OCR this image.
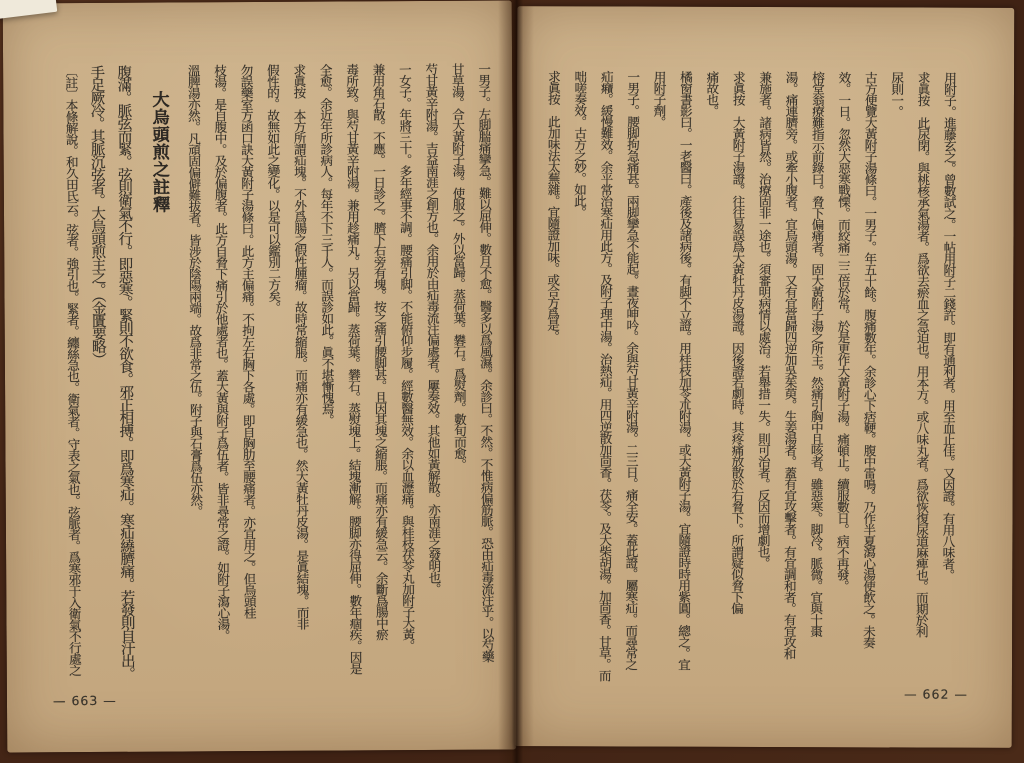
一男子。左脚腨痛攣急。難以屈伸。數月不愈。醫多以爲風濕。余診曰。不然。不惟病偏筋脈。恐由疝毒流注乎。以芍藥
甘草湯。合大黃附子湯。使服之。外以當歸。蒸荷葉。礬石。爲熨劑。數旬而愈。
芍甘黃辛附湯。吉益南涯之創方也。余用於由疝毒流注偏處者。屢奏效。其他如黃解散。亦南涯之發明也。
一女子。年將三十。多年經事不調。腰痛引脚。不能俯仰步履。經數醫無效。余以血瀝痛。與桂枝茯苓丸加附子大黃。
兼用角石散。不應。一日診之。臍下右旁有塊。按之痛引腰脚甚。且因其塊之縮脹。而痛亦有緩急云。余斷爲腸中瘀
毒所致。與芍甘黃辛附湯。兼用趁痛丸。另以當歸。蒸荷葉。礬石。蒸熨塊上。結塊漸解。腰脚亦得屈伸。數年痼疾。因是
全愈。余近年所診病人。每年不下三千人。而誤診如此。眞不堪慚愧焉。
求眞按　本方所謂疝塊。不外爲腸之假性腫瘤。故時常縮脹。而痛亦有緩急也。然大黃牡丹皮湯。是眞結塊。而非
假性的。故無如此之變化。以是可以鑑別二方矣。
勿誤藥室方函口訣大黃附子湯條曰。此方主偏痛。不拘左右胸下各處。即自胸肋至腰痛者。亦宜用之。但烏頭桂
枝湯。是自腹中。及於偏腹者。此方自脅下痛引於他處者也。蓋大黃與附子爲伍者。皆非尋常之證。如附子瀉心湯。
溫脾湯亦然。凡頑固偏僻難拔者。皆涉於陰陽兩端。故爲非常之伍。附子與石膏爲伍亦然。
大烏頭煎之註釋
腹滿。脈弦而緊。弦則衛氣不行。即惡寒。緊則不欲食。邪正相搏。即爲寒疝。寒疝繞臍痛。若發則自汗出。
手足厥冷。其脈沉弦者。大烏頭煎主之。（金匱要略）
〔註〕本條解說。和久田氏云。弦者。強引也。緊者。纏絲急也。衛氣者。守表之氣也。弦脈者。爲寒邪干入衛氣不行處之
— 663 —
用附子。進藤玄之。曾數試之。一帖用附子二錢許。即有通利者。用至血止佳。又因證。有用八味者。
求眞按　此尿閉。與桃核承氣湯者。爲欲去瘀血之急迫也。用本方。或八味丸者。爲欲恢復尿道麻痺也。而期於利
尿則一。
古方便覽大黃附子湯條曰。一男子。年五十餘。腹痛數年。余診心下痞鞕。腹中雷鳴。乃作半夏瀉心湯使飲之。未奏
效。一日。忽然大惡寒戰慄。而絞痛二三倍於常。於是更作大黃附子湯。痛頓止。續服數日。病不再發。
榕堂翁療難指示前錄曰。脅下偏痛者。固大黃附子湯之所主。然痛引胸中且咳者。雖惡寒。脚冷。脈微。宜與十棗
湯。痛連臍旁。或牽小腹者。宜烏頭湯。又有宜當歸四逆加吳茱萸。生姜湯者。蓋有宜攻擊者。有宜調和者。有宜攻和
兼施者。諸病皆然。治療固非一途也。須審明病情以處治。若舉措一失。則可治者。反因而增劇也。
求眞按　大黃附子湯證。往往易誤爲大黃牡丹皮湯證。因後證若劇時。其疼痛放散於右脅下。所謂疑似脅下偏
痛故也。
橘窗書影曰。一老醫曰。產後及諸病後。有脚不立證。用桂枝加苓朮附湯。或大黃附子湯。宜隨證時時用紫圓。總之。宜
用附子劑。
一男子。腰脚拘急痛甚。兩脚攣急不能起。晝夜呻吟。余與芍甘黃辛附湯。二三日。痛全安。蓋此證。屬寒疝。而尋常之
疝癪。緩慢難效。余平常治寒疝用此方。及附子理中湯。治熱疝。用四逆散加茴香。茯苓。及大柴胡湯。加茴香。甘草。而
咄嗟奏效。古方之妙。如此。
求眞按　此加味法太蕪雜。宜隨證加味。或合方爲是。
— 662 —
